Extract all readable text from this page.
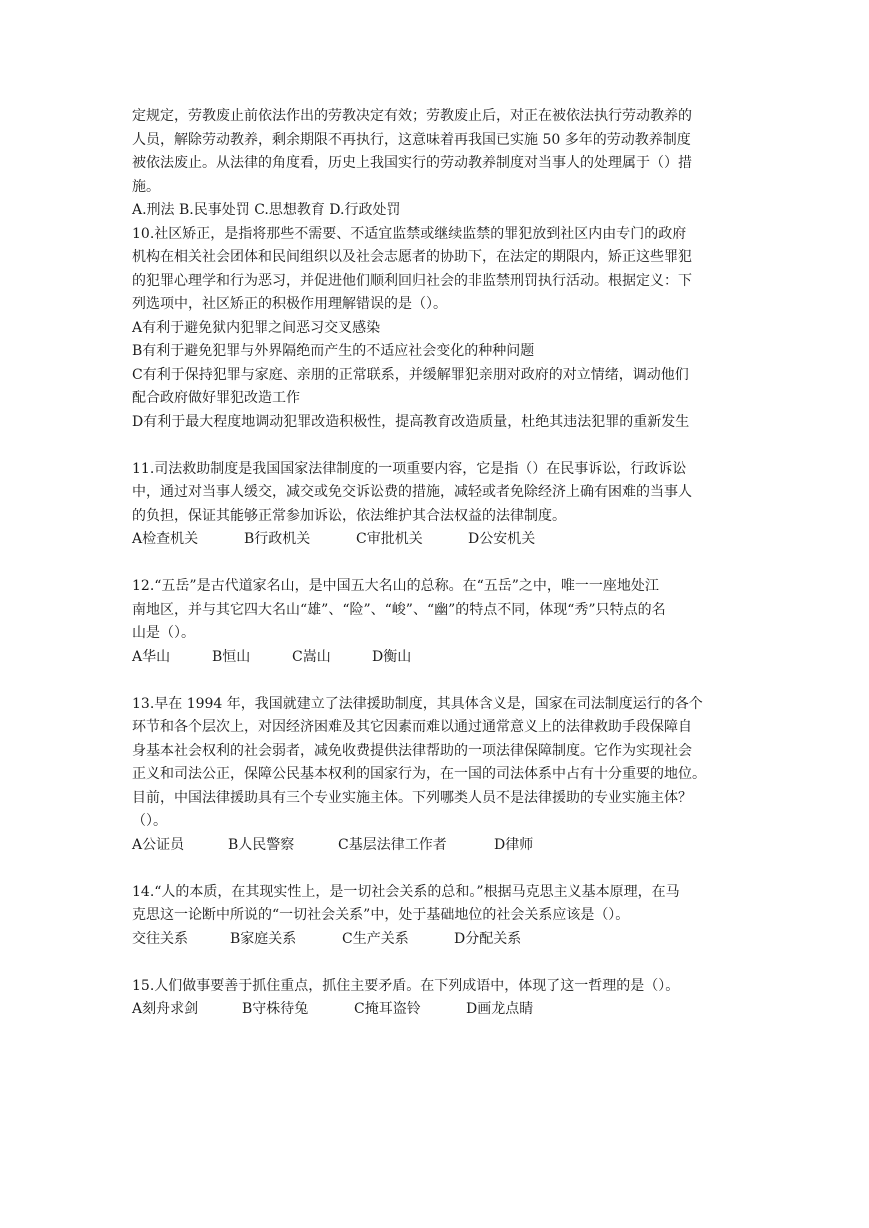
定规定，劳教废止前依法作出的劳教决定有效；劳教废止后，对正在被依法执行劳动教养的
人员，解除劳动教养，剩余期限不再执行，这意味着再我国已实施 50 多年的劳动教养制度
被依法废止。从法律的角度看，历史上我国实行的劳动教养制度对当事人的处理属于（）措
施。
A.刑法 B.民事处罚 C.思想教育 D.行政处罚
10.社区矫正，是指将那些不需要、不适宜监禁或继续监禁的罪犯放到社区内由专门的政府
机构在相关社会团体和民间组织以及社会志愿者的协助下，在法定的期限内，矫正这些罪犯
的犯罪心理学和行为恶习，并促进他们顺利回归社会的非监禁刑罚执行活动。根据定义：下
列选项中，社区矫正的积极作用理解错误的是（）。
A有利于避免狱内犯罪之间恶习交叉感染
B有利于避免犯罪与外界隔绝而产生的不适应社会变化的种种问题
C有利于保持犯罪与家庭、亲朋的正常联系，并缓解罪犯亲朋对政府的对立情绪，调动他们
配合政府做好罪犯改造工作
D有利于最大程度地调动犯罪改造积极性，提高教育改造质量，杜绝其违法犯罪的重新发生
11.司法救助制度是我国国家法律制度的一项重要内容，它是指（）在民事诉讼，行政诉讼
中，通过对当事人缓交，减交或免交诉讼费的措施，减轻或者免除经济上确有困难的当事人
的负担，保证其能够正常参加诉讼，依法维护其合法权益的法律制度。
A检查机关	B行政机关	C审批机关	D公安机关
12.“五岳”是古代道家名山，是中国五大名山的总称。在“五岳”之中，唯一一座地处江
南地区，并与其它四大名山“雄”、“险”、“峻”、“幽”的特点不同，体现“秀”只特点的名
山是（）。
A华山	B恒山	C嵩山	D衡山
13.早在 1994 年，我国就建立了法律援助制度，其具体含义是，国家在司法制度运行的各个
环节和各个层次上，对因经济困难及其它因素而难以通过通常意义上的法律救助手段保障自
身基本社会权利的社会弱者，减免收费提供法律帮助的一项法律保障制度。它作为实现社会
正义和司法公正，保障公民基本权利的国家行为，在一国的司法体系中占有十分重要的地位。
目前，中国法律援助具有三个专业实施主体。下列哪类人员不是法律援助的专业实施主体？
（）。
A公证员	B人民警察	C基层法律工作者	D律师
14.“人的本质，在其现实性上，是一切社会关系的总和。”根据马克思主义基本原理，在马
克思这一论断中所说的“一切社会关系”中，处于基础地位的社会关系应该是（）。
交往关系	B家庭关系	C生产关系	D分配关系
15.人们做事要善于抓住重点，抓住主要矛盾。在下列成语中，体现了这一哲理的是（）。
A刻舟求剑	B守株待兔	C掩耳盗铃	D画龙点睛
